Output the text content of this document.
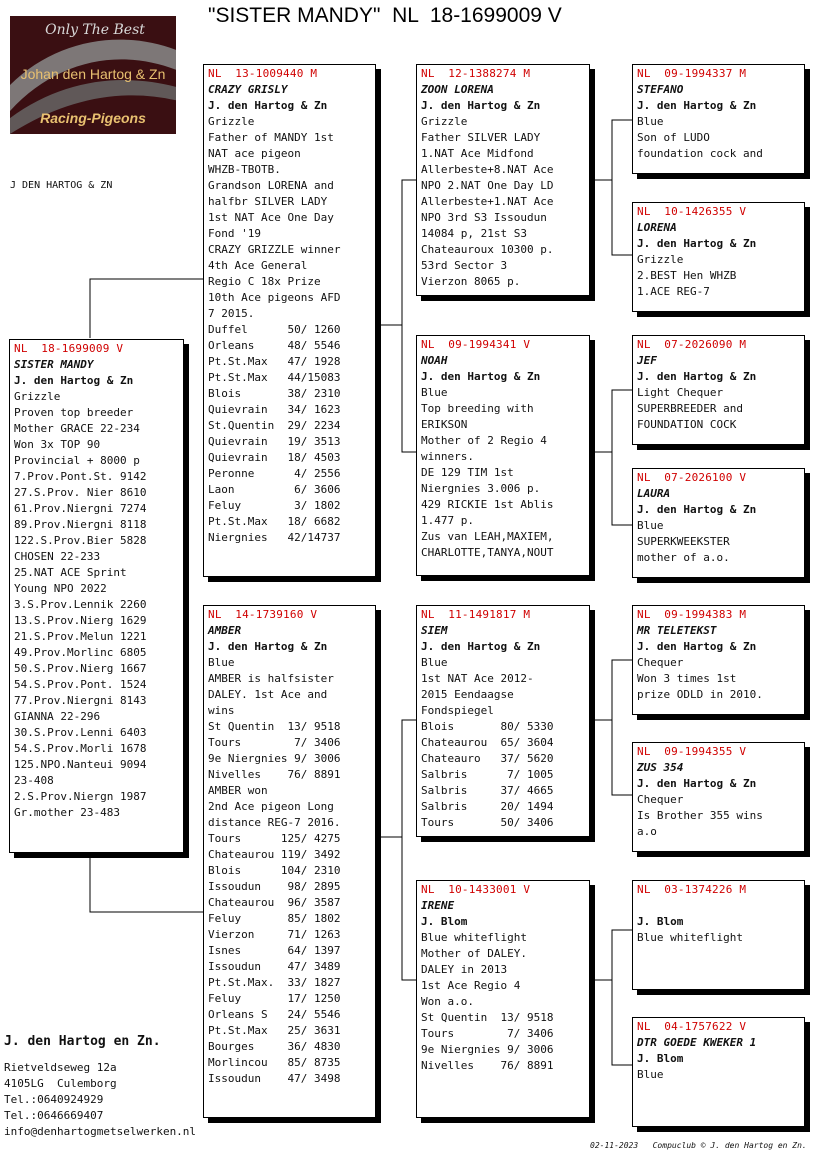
"SISTER MANDY"  NL  18-1699009 V
Only The Best
Johan den Hartog & Zn
Racing-Pigeons
J DEN HARTOG & ZN
NL  18-1699009 V
SISTER MANDY
J. den Hartog & Zn
Grizzle
Proven top breeder
Mother GRACE 22-234
Won 3x TOP 90
Provincial + 8000 p
7.Prov.Pont.St. 9142
27.S.Prov. Nier 8610
61.Prov.Niergni 7274
89.Prov.Niergni 8118
122.S.Prov.Bier 5828
CHOSEN 22-233
25.NAT ACE Sprint
Young NPO 2022
3.S.Prov.Lennik 2260
13.S.Prov.Nierg 1629
21.S.Prov.Melun 1221
49.Prov.Morlinc 6805
50.S.Prov.Nierg 1667
54.S.Prov.Pont. 1524
77.Prov.Niergni 8143
GIANNA 22-296
30.S.Prov.Lenni 6403
54.S.Prov.Morli 1678
125.NPO.Nanteui 9094
23-408
2.S.Prov.Niergn 1987
Gr.mother 23-483
NL  13-1009440 M
CRAZY GRISLY
J. den Hartog & Zn
Grizzle
Father of MANDY 1st
NAT ace pigeon
WHZB-TBOTB.
Grandson LORENA and
halfbr SILVER LADY
1st NAT Ace One Day
Fond '19
CRAZY GRIZZLE winner
4th Ace General
Regio C 18x Prize
10th Ace pigeons AFD
7 2015.
Duffel      50/ 1260
Orleans     48/ 5546
Pt.St.Max   47/ 1928
Pt.St.Max   44/15083
Blois       38/ 2310
Quievrain   34/ 1623
St.Quentin  29/ 2234
Quievrain   19/ 3513
Quievrain   18/ 4503
Peronne      4/ 2556
Laon         6/ 3606
Feluy        3/ 1802
Pt.St.Max   18/ 6682
Niergnies   42/14737
NL  14-1739160 V
AMBER
J. den Hartog & Zn
Blue
AMBER is halfsister
DALEY. 1st Ace and
wins
St Quentin  13/ 9518
Tours        7/ 3406
9e Niergnies 9/ 3006
Nivelles    76/ 8891
AMBER won
2nd Ace pigeon Long
distance REG-7 2016.
Tours      125/ 4275
Chateaurou 119/ 3492
Blois      104/ 2310
Issoudun    98/ 2895
Chateaurou  96/ 3587
Feluy       85/ 1802
Vierzon     71/ 1263
Isnes       64/ 1397
Issoudun    47/ 3489
Pt.St.Max.  33/ 1827
Feluy       17/ 1250
Orleans S   24/ 5546
Pt.St.Max   25/ 3631
Bourges     36/ 4830
Morlincou   85/ 8735
Issoudun    47/ 3498
NL  12-1388274 M
ZOON LORENA
J. den Hartog & Zn
Grizzle
Father SILVER LADY
1.NAT Ace Midfond
Allerbeste+8.NAT Ace
NPO 2.NAT One Day LD
Allerbeste+1.NAT Ace
NPO 3rd S3 Issoudun
14084 p, 21st S3
Chateauroux 10300 p.
53rd Sector 3
Vierzon 8065 p.
NL  09-1994341 V
NOAH
J. den Hartog & Zn
Blue
Top breeding with
ERIKSON
Mother of 2 Regio 4
winners.
DE 129 TIM 1st
Niergnies 3.006 p.
429 RICKIE 1st Ablis
1.477 p.
Zus van LEAH,MAXIEM,
CHARLOTTE,TANYA,NOUT
NL  11-1491817 M
SIEM
J. den Hartog & Zn
Blue
1st NAT Ace 2012-
2015 Eendaagse
Fondspiegel
Blois       80/ 5330
Chateaurou  65/ 3604
Chateauro   37/ 5620
Salbris      7/ 1005
Salbris     37/ 4665
Salbris     20/ 1494
Tours       50/ 3406
NL  10-1433001 V
IRENE
J. Blom
Blue whiteflight
Mother of DALEY.
DALEY in 2013
1st Ace Regio 4
Won a.o.
St Quentin  13/ 9518
Tours        7/ 3406
9e Niergnies 9/ 3006
Nivelles    76/ 8891
NL  09-1994337 M
STEFANO
J. den Hartog & Zn
Blue
Son of LUDO
foundation cock and
NL  10-1426355 V
LORENA
J. den Hartog & Zn
Grizzle
2.BEST Hen WHZB
1.ACE REG-7
NL  07-2026090 M
JEF
J. den Hartog & Zn
Light Chequer
SUPERBREEDER and
FOUNDATION COCK
NL  07-2026100 V
LAURA
J. den Hartog & Zn
Blue
SUPERKWEEKSTER
mother of a.o.
NL  09-1994383 M
MR TELETEKST
J. den Hartog & Zn
Chequer
Won 3 times 1st
prize ODLD in 2010.
NL  09-1994355 V
ZUS 354
J. den Hartog & Zn
Chequer
Is Brother 355 wins
a.o
NL  03-1374226 M
J. Blom
Blue whiteflight
NL  04-1757622 V
DTR GOEDE KWEKER 1
J. Blom
Blue
J. den Hartog en Zn.
Rietveldseweg 12a
4105LG  Culemborg
Tel.:0640924929
Tel.:0646669407
info@denhartogmetselwerken.nl
02-11-2023   Compuclub © J. den Hartog en Zn.
